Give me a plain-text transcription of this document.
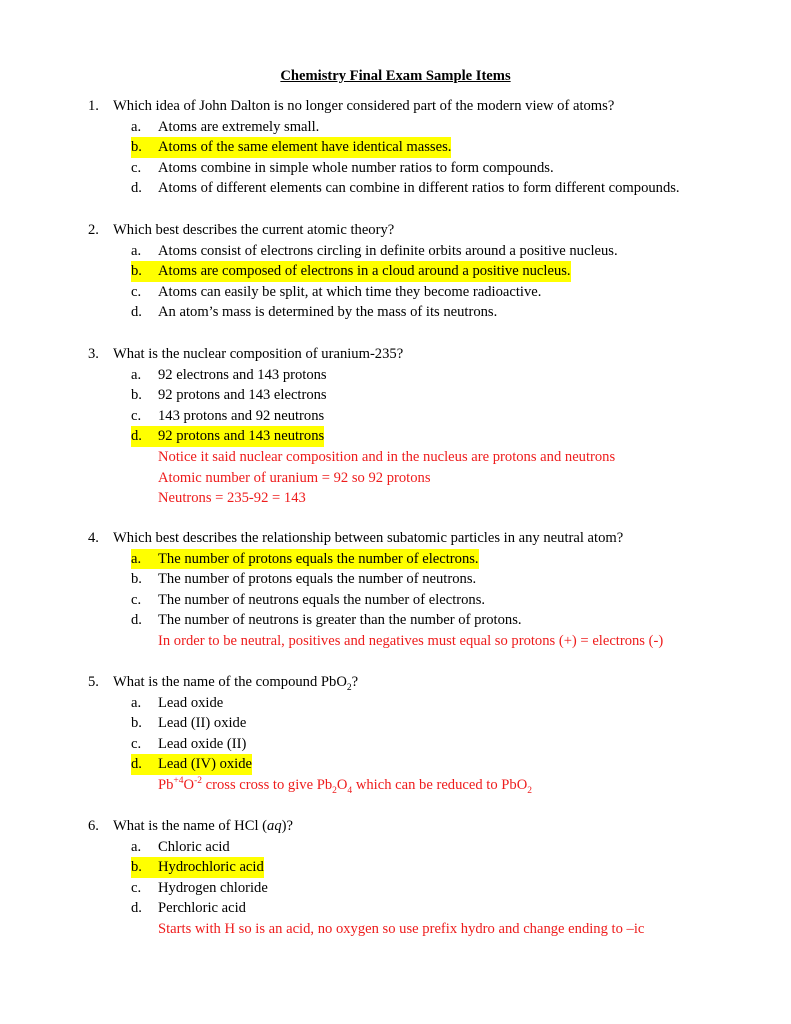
Chemistry Final Exam Sample Items
1. Which idea of John Dalton is no longer considered part of the modern view of atoms?
a. Atoms are extremely small.
b. Atoms of the same element have identical masses.
c. Atoms combine in simple whole number ratios to form compounds.
d. Atoms of different elements can combine in different ratios to form different compounds.
2. Which best describes the current atomic theory?
a. Atoms consist of electrons circling in definite orbits around a positive nucleus.
b. Atoms are composed of electrons in a cloud around a positive nucleus.
c. Atoms can easily be split, at which time they become radioactive.
d. An atom’s mass is determined by the mass of its neutrons.
3. What is the nuclear composition of uranium-235?
a. 92 electrons and 143 protons
b. 92 protons and 143 electrons
c. 143 protons and 92 neutrons
d. 92 protons and 143 neutrons
Notice it said nuclear composition and in the nucleus are protons and neutrons
Atomic number of uranium = 92 so 92 protons
Neutrons = 235-92 = 143
4. Which best describes the relationship between subatomic particles in any neutral atom?
a. The number of protons equals the number of electrons.
b. The number of protons equals the number of neutrons.
c. The number of neutrons equals the number of electrons.
d. The number of neutrons is greater than the number of protons.
In order to be neutral, positives and negatives must equal so protons (+) = electrons (-)
5. What is the name of the compound PbO$_2$?
a. Lead oxide
b. Lead (II) oxide
c. Lead oxide (II)
d. Lead (IV) oxide
$Pb^{+4}O^{-2}$ cross cross to give $Pb_2O_4$ which can be reduced to PbO$_2$
6. What is the name of HCl (aq)?
a. Chloric acid
b. Hydrochloric acid
c. Hydrogen chloride
d. Perchloric acid
Starts with H so is an acid, no oxygen so use prefix hydro and change ending to –ic
